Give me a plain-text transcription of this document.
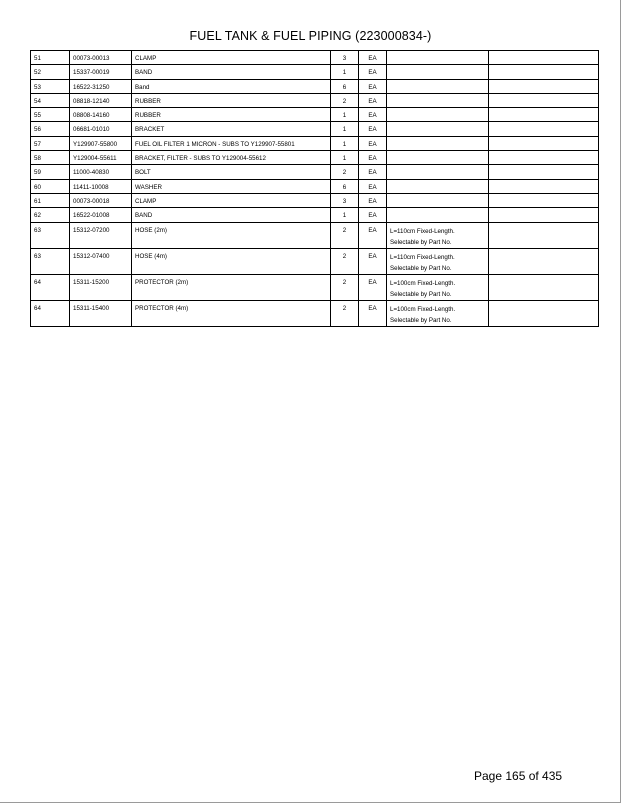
FUEL TANK & FUEL PIPING (223000834-)
51	00073-00013	CLAMP	3	EA	

52	15337-00019	BAND	1	EA	

53	16522-31250	Band	6	EA	

54	08818-12140	RUBBER	2	EA	

55	08808-14160	RUBBER	1	EA	

56	06681-01010	BRACKET	1	EA	

57	Y129907-55800	FUEL OIL FILTER 1 MICRON - SUBS TO Y129907-55801	1	EA	

58	Y129004-55611	BRACKET, FILTER - SUBS TO Y129004-55612	1	EA	

59	11000-40830	BOLT	2	EA	

60	11411-10008	WASHER	6	EA	

61	00073-00018	CLAMP	3	EA	

62	16522-01008	BAND	1	EA	

63	15312-07200	HOSE (2m)	2	EA	L=110cm Fixed-Length.
Selectable by Part No.	

63	15312-07400	HOSE (4m)	2	EA	L=110cm Fixed-Length.
Selectable by Part No.	

64	15311-15200	PROTECTOR (2m)	2	EA	L=100cm Fixed-Length.
Selectable by Part No.	

64	15311-15400	PROTECTOR (4m)	2	EA	L=100cm Fixed-Length.
Selectable by Part No.	

Page 165 of 435
